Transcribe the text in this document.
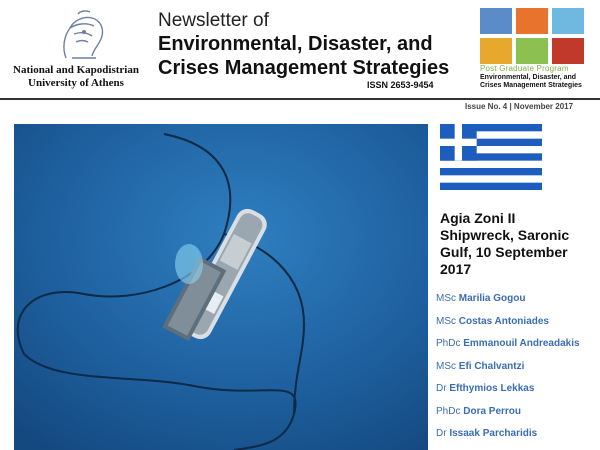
National and Kapodistrian University of Athens
Newsletter of
Environmental, Disaster, and Crises Management Strategies
ISSN 2653-9454
Post Graduate Program
Environmental, Disaster, and Crises Management Strategies
Issue No. 4 | November 2017
Agia Zoni II Shipwreck, Saronic Gulf, 10 September 2017
MSc Marilia Gogou
MSc Costas Antoniades
PhDc Emmanouil Andreadakis
MSc Efi Chalvantzi
Dr Efthymios Lekkas
PhDc Dora Perrou
Dr Issaak Parcharidis
